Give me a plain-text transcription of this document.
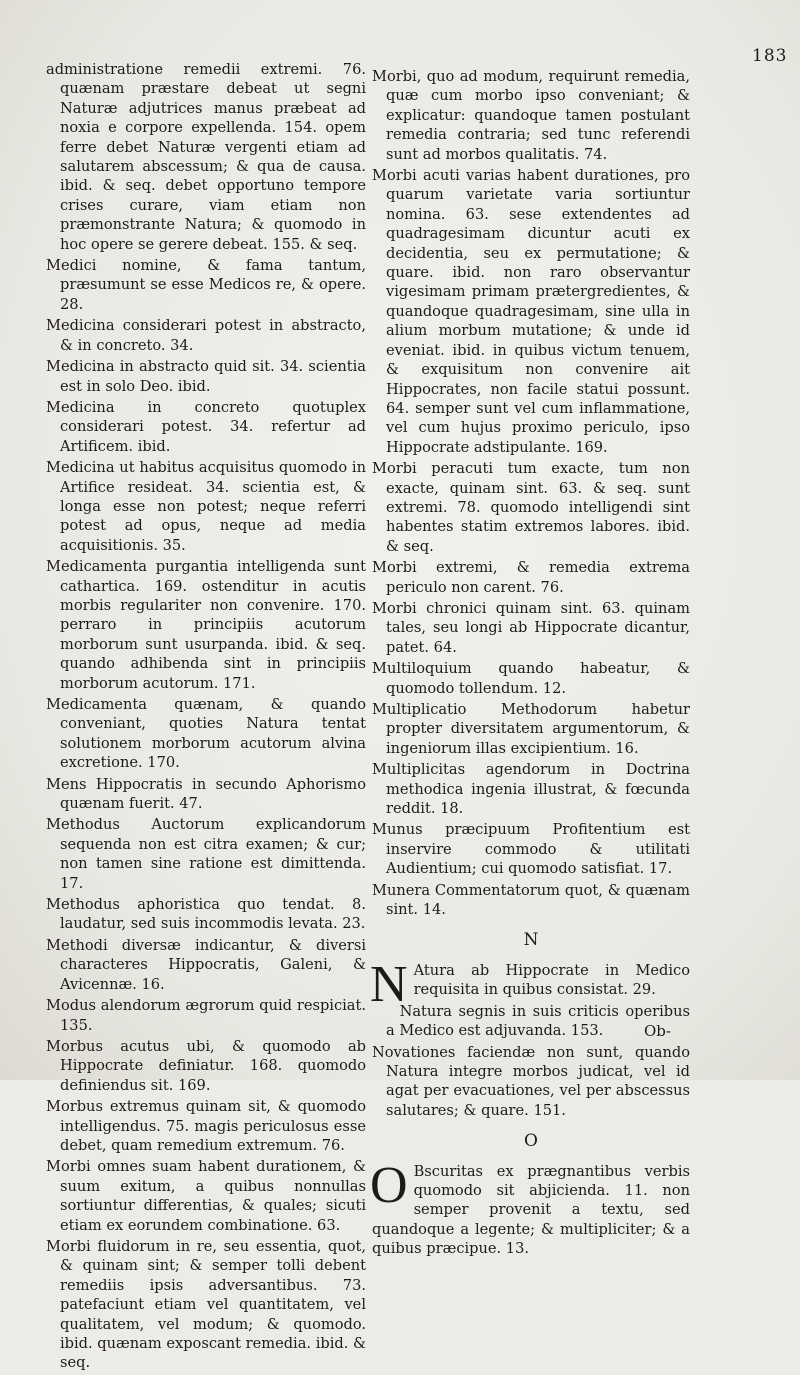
183

administratione remedii extremi. 76. quænam præstare debeat ut segni Naturæ adjutrices manus præbeat ad noxia e corpore expellenda. 154. opem ferre debet Naturæ vergenti etiam ad salutarem abscessum; & qua de causa. ibid. & seq. debet opportuno tempore crises curare, viam etiam non præmonstrante Natura; & quomodo in hoc opere se gerere debeat. 155. & seq.

Medici nomine, & fama tantum, præsumunt se esse Medicos re, & opere. 28.

Medicina considerari potest in abstracto, & in concreto. 34.

Medicina in abstracto quid sit. 34. scientia est in solo Deo. ibid.

Medicina in concreto quotuplex considerari potest. 34. refertur ad Artificem. ibid.

Medicina ut habitus acquisitus quomodo in Artifice resideat. 34. scientia est, & longa esse non potest; neque referri potest ad opus, neque ad media acquisitionis. 35.

Medicamenta purgantia intelligenda sunt cathartica. 169. ostenditur in acutis morbis regulariter non convenire. 170. perraro in principiis acutorum morborum sunt usurpanda. ibid. & seq. quando adhibenda sint in principiis morborum acutorum. 171.

Medicamenta quænam, & quando conveniant, quoties Natura tentat solutionem morborum acutorum alvina excretione. 170.

Mens Hippocratis in secundo Aphorismo quænam fuerit. 47.

Methodus Auctorum explicandorum sequenda non est citra examen; & cur; non tamen sine ratione est dimittenda. 17.

Methodus aphoristica quo tendat. 8. laudatur, sed suis incommodis levata. 23.

Methodi diversæ indicantur, & diversi characteres Hippocratis, Galeni, & Avicennæ. 16.

Modus alendorum ægrorum quid respiciat. 135.

Morbus acutus ubi, & quomodo ab Hippocrate definiatur. 168. quomodo definiendus sit. 169.

Morbus extremus quinam sit, & quomodo intelligendus. 75. magis periculosus esse debet, quam remedium extremum. 76.

Morbi omnes suam habent durationem, & suum exitum, a quibus nonnullas sortiuntur differentias, & quales; sicuti etiam ex eorundem combinatione. 63.

Morbi fluidorum in re, seu essentia, quot, & quinam sint; & semper tolli debent remediis ipsis adversantibus. 73. patefaciunt etiam vel quantitatem, vel qualitatem, vel modum; & quomodo. ibid. quænam exposcant remedia. ibid. & seq.

Morbi, quo ad modum, requirunt remedia, quæ cum morbo ipso conveniant; & explicatur: quandoque tamen postulant remedia contraria; sed tunc referendi sunt ad morbos qualitatis. 74.

Morbi acuti varias habent durationes, pro quarum varietate varia sortiuntur nomina. 63. sese extendentes ad quadragesimam dicuntur acuti ex decidentia, seu ex permutatione; & quare. ibid. non raro observantur vigesimam primam prætergredientes, & quandoque quadragesimam, sine ulla in alium morbum mutatione; & unde id eveniat. ibid. in quibus victum tenuem, & exquisitum non convenire ait Hippocrates, non facile statui possunt. 64. semper sunt vel cum inflammatione, vel cum hujus proximo periculo, ipso Hippocrate adstipulante. 169.

Morbi peracuti tum exacte, tum non exacte, quinam sint. 63. & seq. sunt extremi. 78. quomodo intelligendi sint habentes statim extremos labores. ibid. & seq.

Morbi extremi, & remedia extrema periculo non carent. 76.

Morbi chronici quinam sint. 63. quinam tales, seu longi ab Hippocrate dicantur, patet. 64.

Multiloquium quando habeatur, & quomodo tollendum. 12.

Multiplicatio Methodorum habetur propter diversitatem argumentorum, & ingeniorum illas excipientium. 16.

Multiplicitas agendorum in Doctrina methodica ingenia illustrat, & fœcunda reddit. 18.

Munus præcipuum Profitentium est inservire commodo & utilitati Audientium; cui quomodo satisfiat. 17.

Munera Commentatorum quot, & quænam sint. 14.

N

N Atura ab Hippocrate in Medico requisita in quibus consistat. 29.

Natura segnis in suis criticis operibus a Medico est adjuvanda. 153.

Novationes faciendæ non sunt, quando Natura integre morbos judicat, vel id agat per evacuationes, vel per abscessus salutares; & quare. 151.

O

O Bscuritas ex prægnantibus verbis quomodo sit abjicienda. 11. non semper provenit a textu, sed quandoque a legente; & multipliciter; & a quibus præcipue. 13.

Ob-
